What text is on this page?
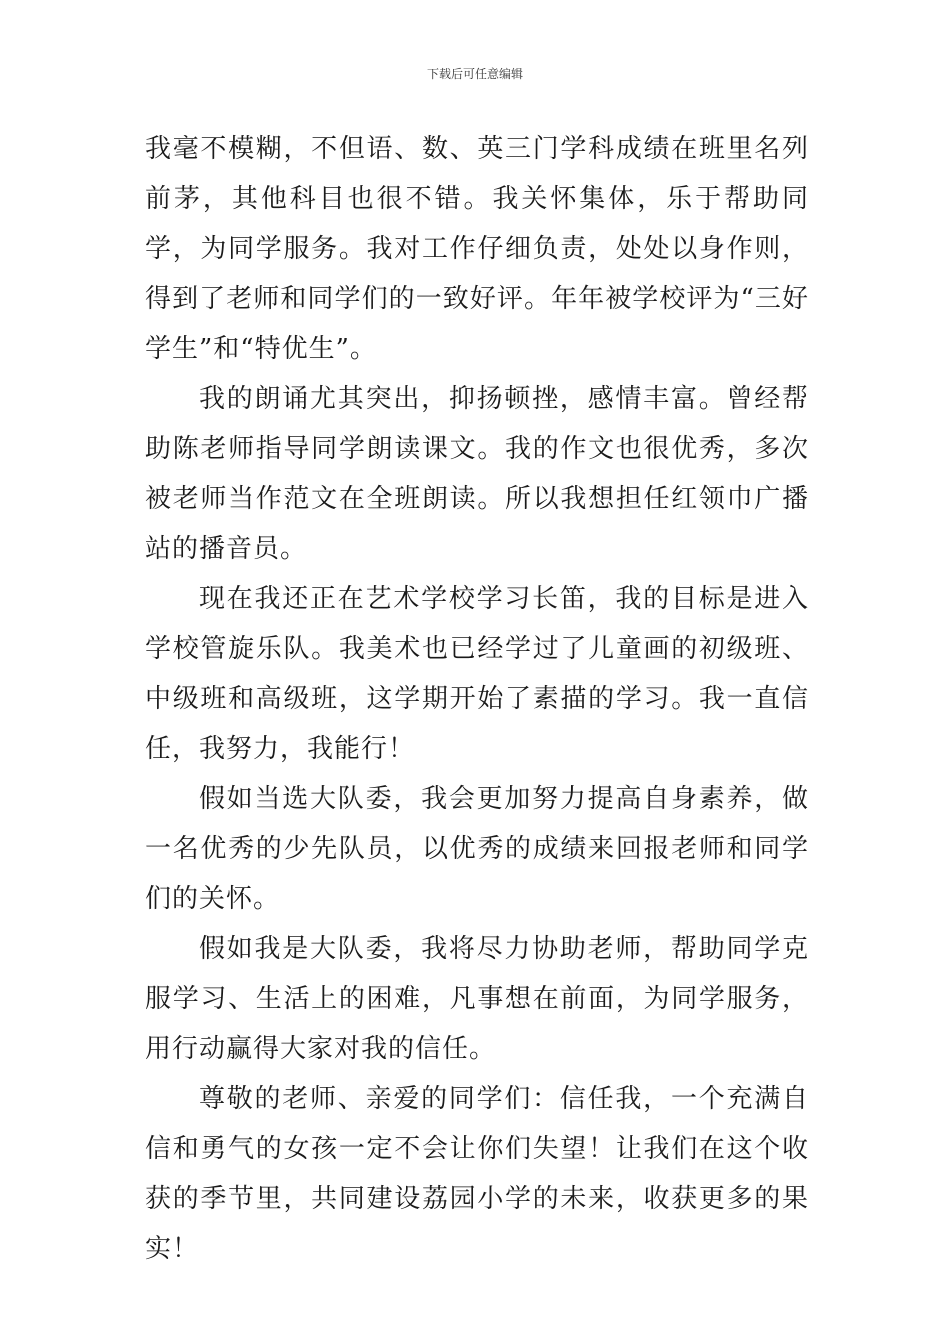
下载后可任意编辑

我毫不模糊，不但语、数、英三门学科成绩在班里名列前茅，其他科目也很不错。我关怀集体，乐于帮助同学，为同学服务。我对工作仔细负责，处处以身作则，得到了老师和同学们的一致好评。年年被学校评为“三好学生”和“特优生”。

我的朗诵尤其突出，抑扬顿挫，感情丰富。曾经帮助陈老师指导同学朗读课文。我的作文也很优秀，多次被老师当作范文在全班朗读。所以我想担任红领巾广播站的播音员。

现在我还正在艺术学校学习长笛，我的目标是进入学校管旋乐队。我美术也已经学过了儿童画的初级班、中级班和高级班，这学期开始了素描的学习。我一直信任，我努力，我能行！

假如当选大队委，我会更加努力提高自身素养，做一名优秀的少先队员，以优秀的成绩来回报老师和同学们的关怀。

假如我是大队委，我将尽力协助老师，帮助同学克服学习、生活上的困难，凡事想在前面，为同学服务，用行动赢得大家对我的信任。

尊敬的老师、亲爱的同学们：信任我，一个充满自信和勇气的女孩一定不会让你们失望！让我们在这个收获的季节里，共同建设荔园小学的未来，收获更多的果实！
